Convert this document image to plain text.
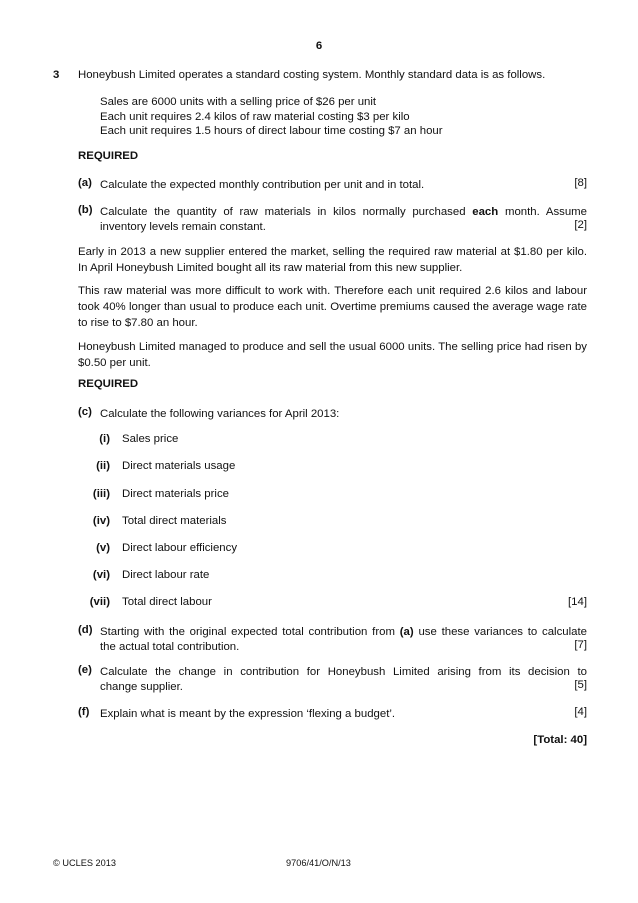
6
3 Honeybush Limited operates a standard costing system. Monthly standard data is as follows.
Sales are 6000 units with a selling price of $26 per unit
Each unit requires 2.4 kilos of raw material costing $3 per kilo
Each unit requires 1.5 hours of direct labour time costing $7 an hour
REQUIRED
(a) Calculate the expected monthly contribution per unit and in total.	[8]
(b) Calculate the quantity of raw materials in kilos normally purchased each month. Assume
inventory levels remain constant.	[2]
Early in 2013 a new supplier entered the market, selling the required raw material at $1.80 per kilo. In April Honeybush Limited bought all its raw material from this new supplier.
This raw material was more difficult to work with. Therefore each unit required 2.6 kilos and labour took 40% longer than usual to produce each unit. Overtime premiums caused the average wage rate to rise to $7.80 an hour.
Honeybush Limited managed to produce and sell the usual 6000 units. The selling price had risen by $0.50 per unit.
REQUIRED
(c) Calculate the following variances for April 2013:
(i) Sales price
(ii) Direct materials usage
(iii) Direct materials price
(iv) Total direct materials
(v) Direct labour efficiency
(vi) Direct labour rate
(vii) Total direct labour	[14]
(d) Starting with the original expected total contribution from (a) use these variances to calculate
the actual total contribution.	[7]
(e) Calculate the change in contribution for Honeybush Limited arising from its decision to
change supplier.	[5]
(f) Explain what is meant by the expression ‘flexing a budget’.	[4]
[Total: 40]
© UCLES 2013	9706/41/O/N/13
